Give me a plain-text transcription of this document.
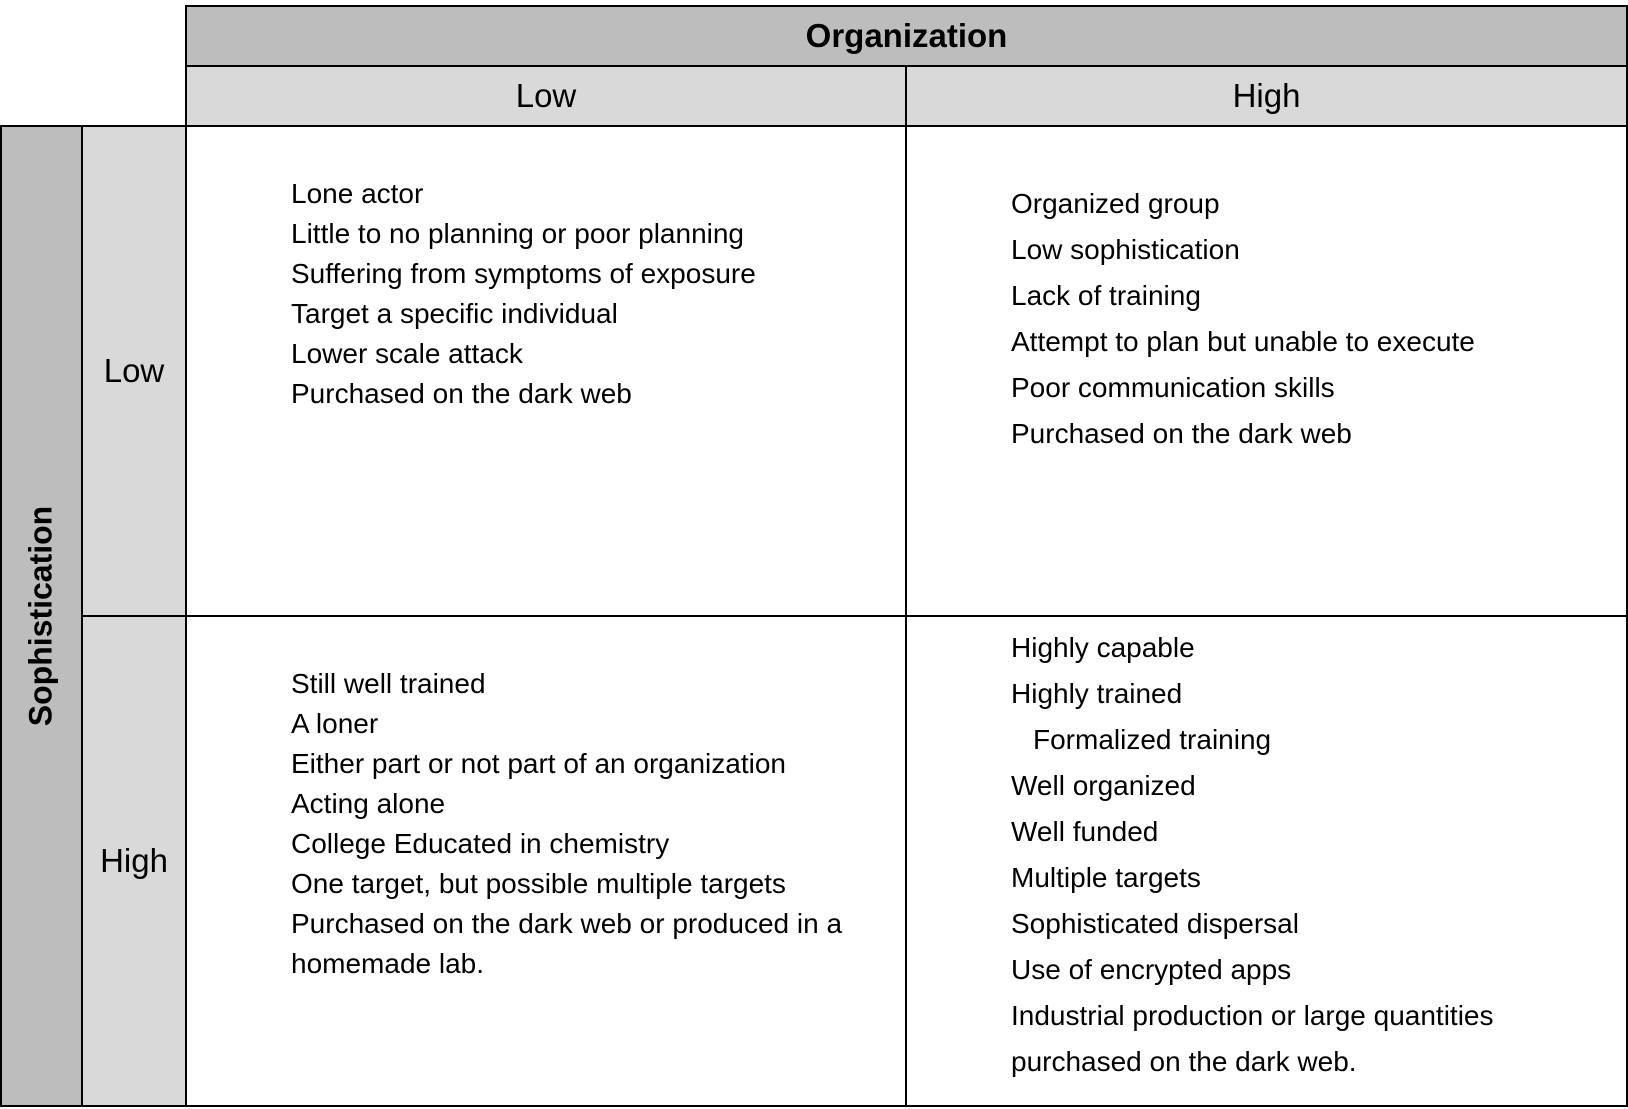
Organization
Low	High
Sophistication
Low
High
Lone actor
Little to no planning or poor planning
Suffering from symptoms of exposure
Target a specific individual
Lower scale attack
Purchased on the dark web
Organized group
Low sophistication
Lack of training
Attempt to plan but unable to execute
Poor communication skills
Purchased on the dark web
Still well trained
A loner
Either part or not part of an organization
Acting alone
College Educated in chemistry
One target, but possible multiple targets
Purchased on the dark web or produced in a
homemade lab.
Highly capable
Highly trained
Formalized training
Well organized
Well funded
Multiple targets
Sophisticated dispersal
Use of encrypted apps
Industrial production or large quantities
purchased on the dark web.
